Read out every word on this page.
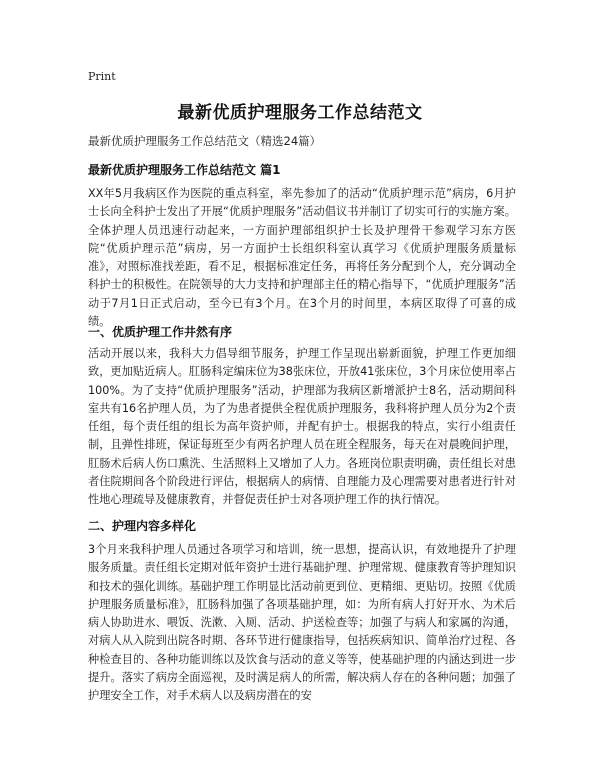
Print
最新优质护理服务工作总结范文
最新优质护理服务工作总结范文（精选24篇）
最新优质护理服务工作总结范文 篇1
XX年5月我病区作为医院的重点科室，率先参加了的活动“优质护理示范”病房，6月护士长向全科护士发出了开展“优质护理服务”活动倡议书并制订了切实可行的实施方案。全体护理人员迅速行动起来，一方面护理部组织护士长及护理骨干参观学习东方医院“优质护理示范”病房，另一方面护士长组织科室认真学习《优质护理服务质量标准》，对照标准找差距，看不足，根据标准定任务，再将任务分配到个人，充分调动全科护士的积极性。在院领导的大力支持和护理部主任的精心指导下，“优质护理服务”活动于7月1日正式启动，至今已有3个月。在3个月的时间里，本病区取得了可喜的成绩。
一、优质护理工作井然有序
活动开展以来，我科大力倡导细节服务，护理工作呈现出崭新面貌，护理工作更加细致，更加贴近病人。肛肠科定编床位为38张床位，开放41张床位，3个月床位使用率占100%。为了支持“优质护理服务”活动，护理部为我病区新增派护士8名，活动期间科室共有16名护理人员，为了为患者提供全程优质护理服务，我科将护理人员分为2个责任组，每个责任组的组长为高年资护师，并配有护士。根据我的特点，实行小组责任制，且弹性排班，保证每班至少有两名护理人员在班全程服务，每天在对晨晚间护理，肛肠术后病人伤口熏洗、生活照料上又增加了人力。各班岗位职责明确，责任组长对患者住院期间各个阶段进行评估，根据病人的病情、自理能力及心理需要对患者进行针对性地心理疏导及健康教育，并督促责任护士对各项护理工作的执行情况。
二、护理内容多样化
3个月来我科护理人员通过各项学习和培训，统一思想，提高认识，有效地提升了护理服务质量。责任组长定期对低年资护士进行基础护理、护理常规、健康教育等护理知识和技术的强化训练。基础护理工作明显比活动前更到位、更精细、更贴切。按照《优质护理服务质量标准》，肛肠科加强了各项基础护理，如：为所有病人打好开水、为术后病人协助进水、喂饭、洗漱、入厕、活动、护送检查等；加强了与病人和家属的沟通，对病人从入院到出院各时期、各环节进行健康指导，包括疾病知识、简单治疗过程、各种检查目的、各种功能训练以及饮食与活动的意义等等，使基础护理的内涵达到进一步提升。落实了病房全面巡视，及时满足病人的所需，解决病人存在的各种问题；加强了护理安全工作，对手术病人以及病房潜在的安
